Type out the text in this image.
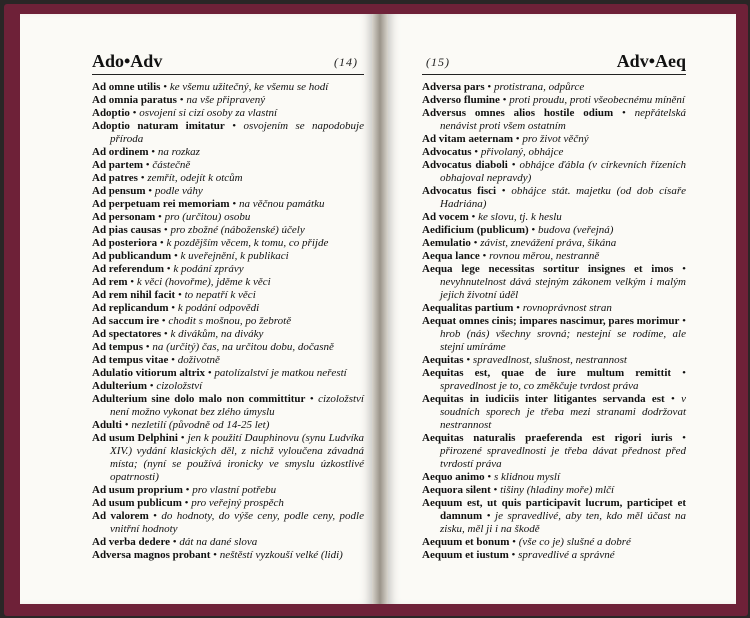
Ado•Adv	(14)
Ad omne utilis • ke všemu užitečný, ke všemu se hodí
Ad omnia paratus • na vše připravený
Adoptio • osvojení si cizí osoby za vlastní
Adoptio naturam imitatur • osvojením se napodobuje příroda
Ad ordinem • na rozkaz
Ad partem • částečně
Ad patres • zemřít, odejít k otcům
Ad pensum • podle váhy
Ad perpetuam rei memoriam • na věčnou památku
Ad personam • pro (určitou) osobu
Ad pias causas • pro zbožné (náboženské) účely
Ad posteriora • k pozdějším věcem, k tomu, co přijde
Ad publicandum • k uveřejnění, k publikaci
Ad referendum • k podání zprávy
Ad rem • k věci (hovořme), jděme k věci
Ad rem nihil facit • to nepatří k věci
Ad replicandum • k podání odpovědi
Ad saccum ire • chodit s mošnou, po žebrotě
Ad spectatores • k divákům, na diváky
Ad tempus • na (určitý) čas, na určitou dobu, dočasně
Ad tempus vitae • doživotně
Adulatio vitiorum altrix • patolízalství je matkou neřestí
Adulterium • cizoložství
Adulterium sine dolo malo non committitur • cizoložství není možno vykonat bez zlého úmyslu
Adulti • nezletilí (původně od 14-25 let)
Ad usum Delphini • jen k použití Dauphinovu (synu Ludvíka XIV.) vydání klasických děl, z nichž vyloučena závadná místa; (nyní se používá ironicky ve smyslu úzkostlivé opatrnosti)
Ad usum proprium • pro vlastní potřebu
Ad usum publicum • pro veřejný prospěch
Ad valorem • do hodnoty, do výše ceny, podle ceny, podle vnitřní hodnoty
Ad verba dedere • dát na dané slova
Adversa magnos probant • neštěstí vyzkouší velké (lidi)
(15)	Adv•Aeq
Adversa pars • protistrana, odpůrce
Adverso flumine • proti proudu, proti všeobecnému mínění
Adversus omnes alios hostile odium • nepřátelská nenávist proti všem ostatním
Ad vitam aeternam • pro život věčný
Advocatus • přivolaný, obhájce
Advocatus diaboli • obhájce ďábla (v církevních řízeních obhajoval nepravdy)
Advocatus fisci • obhájce stát. majetku (od dob císaře Hadriána)
Ad vocem • ke slovu, tj. k heslu
Aedificium (publicum) • budova (veřejná)
Aemulatio • závist, znevážení práva, šikána
Aequa lance • rovnou měrou, nestranně
Aequa lege necessitas sortitur insignes et imos • nevyhnutelnost dává stejným zákonem velkým i malým jejich životní úděl
Aequalitas partium • rovnoprávnost stran
Aequat omnes cinis; impares nascimur, pares morimur • hrob (nás) všechny srovná; nestejní se rodíme, ale stejní umíráme
Aequitas • spravedlnost, slušnost, nestrannost
Aequitas est, quae de iure multum remittit • spravedlnost je to, co změkčuje tvrdost práva
Aequitas in iudiciis inter litigantes servanda est • v soudních sporech je třeba mezi stranami dodržovat nestrannost
Aequitas naturalis praeferenda est rigori iuris • přirozené spravedlnosti je třeba dávat přednost před tvrdostí práva
Aequo animo • s klidnou myslí
Aequora silent • tišiny (hladiny moře) mlčí
Aequum est, ut quis participavit lucrum, participet et damnum • je spravedlivé, aby ten, kdo měl účast na zisku, měl ji i na škodě
Aequum et bonum • (vše co je) slušné a dobré
Aequum et iustum • spravedlivé a správné
